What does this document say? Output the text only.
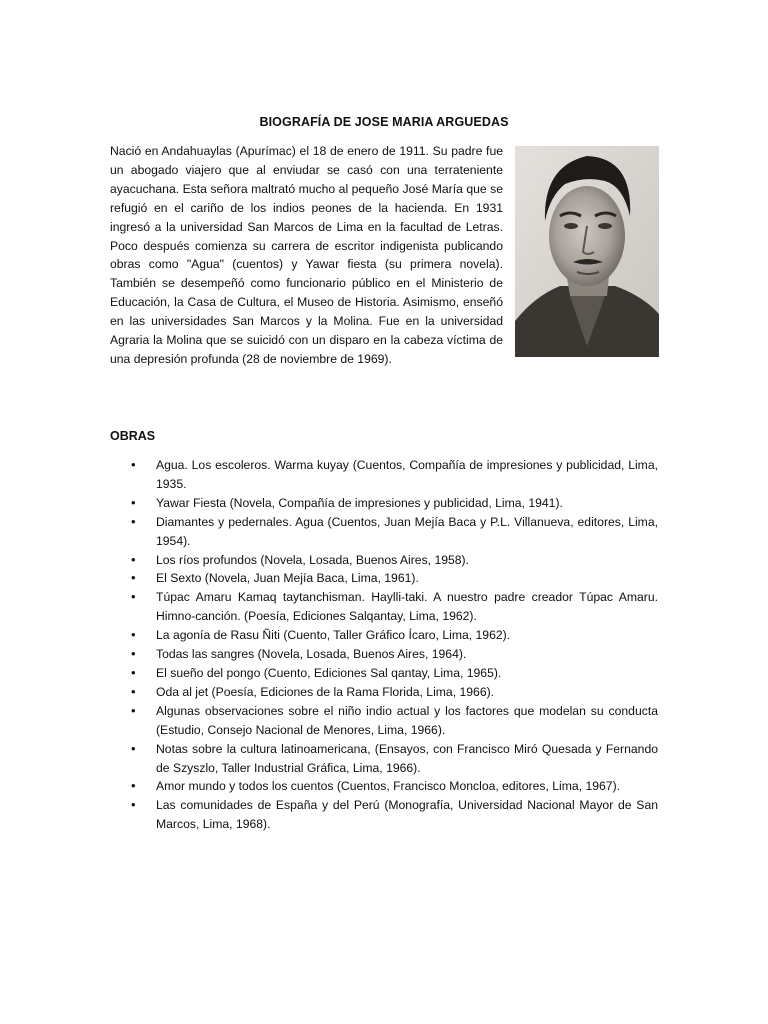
BIOGRAFÍA DE JOSE MARIA ARGUEDAS

Nació en Andahuaylas (Apurímac) el 18 de enero de 1911. Su padre fue un abogado viajero que al enviudar se casó con una terrateniente ayacuchana. Esta señora maltrató mucho al pequeño José María que se refugió en el cariño de los indios peones de la hacienda. En 1931 ingresó a la universidad San Marcos de Lima en la facultad de Letras. Poco después comienza su carrera de escritor indigenista publicando obras como "Agua" (cuentos) y Yawar fiesta (su primera novela). También se desempeñó como funcionario público en el Ministerio de Educación, la Casa de Cultura, el Museo de Historia. Asimismo, enseñó en las universidades San Marcos y la Molina. Fue en la universidad Agraria la Molina que se suicidó con un disparo en la cabeza víctima de una depresión profunda (28 de noviembre de 1969).

OBRAS
• Agua. Los escoleros. Warma kuyay (Cuentos, Compañía de impresiones y publicidad, Lima, 1935.
• Yawar Fiesta (Novela, Compañía de impresiones y publicidad, Lima, 1941).
• Diamantes y pedernales. Agua (Cuentos, Juan Mejía Baca y P.L. Villanueva, editores, Lima, 1954).
• Los ríos profundos (Novela, Losada, Buenos Aires, 1958).
• El Sexto (Novela, Juan Mejía Baca, Lima, 1961).
• Túpac Amaru Kamaq taytanchisman. Haylli-taki. A nuestro padre creador Túpac Amaru. Himno-canción. (Poesía, Ediciones Salqantay, Lima, 1962).
• La agonía de Rasu Ñiti (Cuento, Taller Gráfico Ícaro, Lima, 1962).
• Todas las sangres (Novela, Losada, Buenos Aires, 1964).
• El sueño del pongo (Cuento, Ediciones Sal qantay, Lima, 1965).
• Oda al jet (Poesía, Ediciones de la Rama Florida, Lima, 1966).
• Algunas observaciones sobre el niño indio actual y los factores que modelan su conducta (Estudio, Consejo Nacional de Menores, Lima, 1966).
• Notas sobre la cultura latinoamericana, (Ensayos, con Francisco Miró Quesada y Fernando de Szyszlo, Taller Industrial Gráfica, Lima, 1966).
• Amor mundo y todos los cuentos (Cuentos, Francisco Moncloa, editores, Lima, 1967).
• Las comunidades de España y del Perú (Monografía, Universidad Nacional Mayor de San Marcos, Lima, 1968).
